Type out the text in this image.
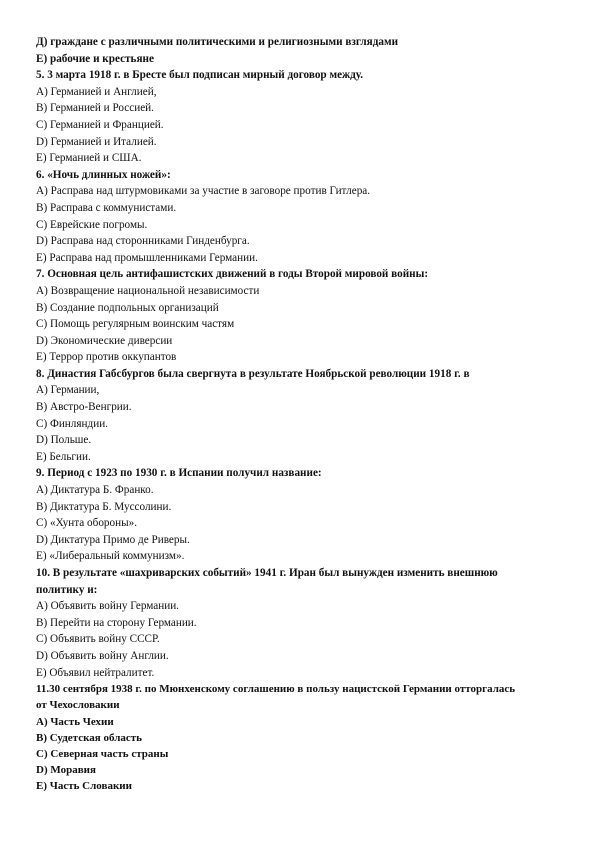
Д) граждане с различными политическими и религиозными взглядами
Е) рабочие и крестьяне
5. 3 марта 1918 г. в Бресте был подписан мирный договор между.
А) Германией и Англией,
В) Германией и Россией.
С) Германией и Францией.
D) Германией и Италией.
Е) Германией и США.
6. «Ночь длинных ножей»:
А) Расправа над штурмовиками за участие в заговоре против Гитлера.
В) Расправа с коммунистами.
С) Еврейские погромы.
D) Расправа над сторонниками Гинденбурга.
Е) Расправа над промышленниками Германии.
7. Основная цель антифашистских движений в годы Второй мировой войны:
А) Возвращение национальной независимости
В) Создание подпольных организаций
С) Помощь регулярным воинским частям
D) Экономические диверсии
Е) Террор против оккупантов
8. Династия Габсбургов была свергнута в результате Ноябрьской революции 1918 г. в
А) Германии,
В) Австро-Венгрии.
С) Финляндии.
D) Польше.
Е) Бельгии.
9. Период с 1923 по 1930 г. в Испании получил название:
А) Диктатура Б. Франко.
В) Диктатура Б. Муссолини.
С) «Хунта обороны».
D) Диктатура Примо де Риверы.
Е) «Либеральный коммунизм».
10. В результате «шахриварских событий» 1941 г. Иран был вынужден изменить внешнюю
политику и:
А) Объявить войну Германии.
В) Перейти на сторону Германии.
С) Объявить войну СССР.
D) Объявить войну Англии.
Е) Объявил нейтралитет.
11.30 сентября 1938 г. по Мюнхенскому соглашению в пользу нацистской Германии отторгалась
от Чехословакии
А) Часть Чехии
В) Судетская область
С) Северная часть страны
D) Моравия
Е) Часть Словакии
